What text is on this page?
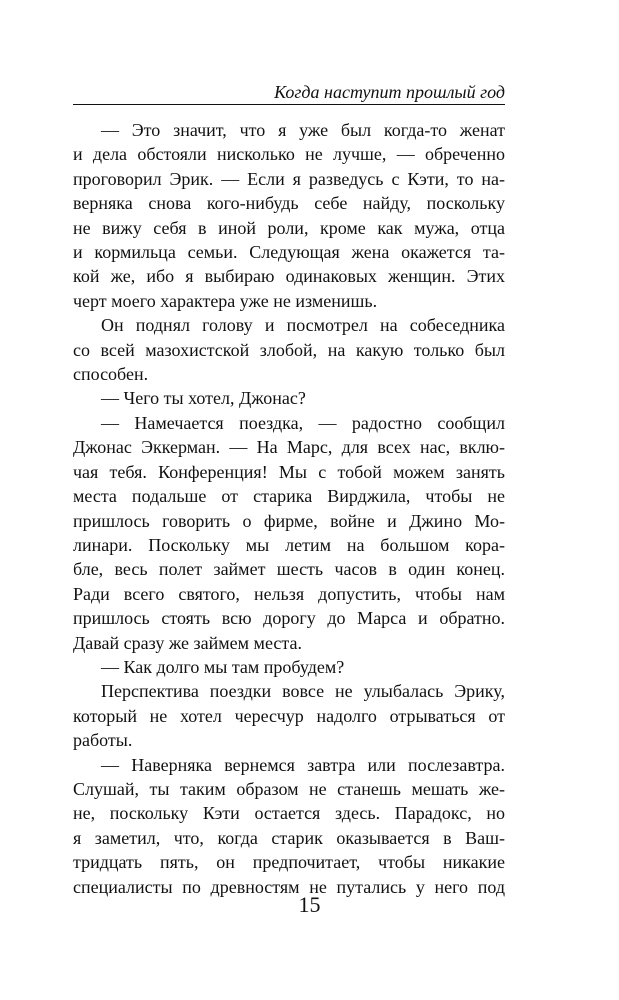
Когда наступит прошлый год

— Это значит, что я уже был когда-то женат
и дела обстояли нисколько не лучше, — обреченно
проговорил Эрик. — Если я разведусь с Кэти, то на-
верняка снова кого-нибудь себе найду, поскольку
не вижу себя в иной роли, кроме как мужа, отца
и кормильца семьи. Следующая жена окажется та-
кой же, ибо я выбираю одинаковых женщин. Этих
черт моего характера уже не изменишь.

Он поднял голову и посмотрел на собеседника
со всей мазохистской злобой, на какую только был
способен.

— Чего ты хотел, Джонас?

— Намечается поездка, — радостно сообщил
Джонас Эккерман. — На Марс, для всех нас, вклю-
чая тебя. Конференция! Мы с тобой можем занять
места подальше от старика Вирджила, чтобы не
пришлось говорить о фирме, войне и Джино Мо-
линари. Поскольку мы летим на большом кора-
бле, весь полет займет шесть часов в один конец.
Ради всего святого, нельзя допустить, чтобы нам
пришлось стоять всю дорогу до Марса и обратно.
Давай сразу же займем места.

— Как долго мы там пробудем?

Перспектива поездки вовсе не улыбалась Эрику,
который не хотел чересчур надолго отрываться от
работы.

— Наверняка вернемся завтра или послезавтра.
Слушай, ты таким образом не станешь мешать же-
не, поскольку Кэти остается здесь. Парадокс, но
я заметил, что, когда старик оказывается в Ваш-
тридцать пять, он предпочитает, чтобы никакие
специалисты по древностям не путались у него под

15
